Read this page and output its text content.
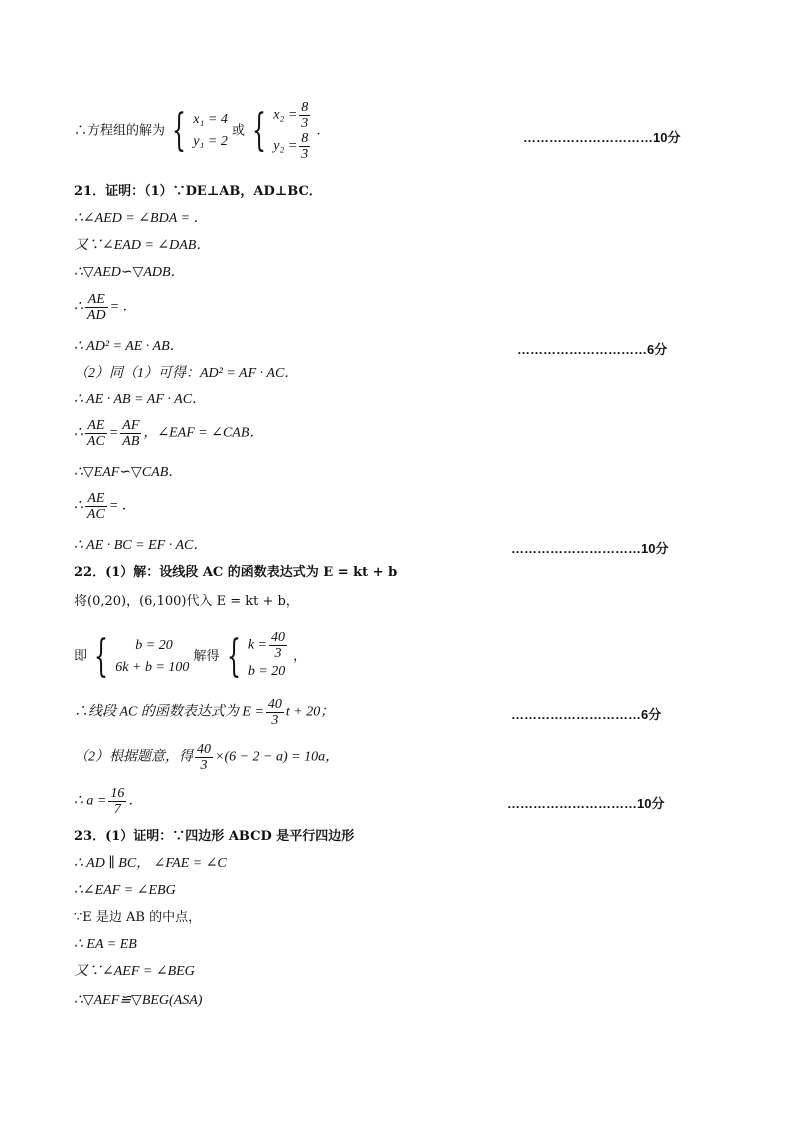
∴方程组的解为 { x₁ = 4
y₁ = 2
或 { $x_2 = \frac{8}{3}$
$y_2 = \frac{8}{3}$ .	…………………………10分
21．证明：（1）∵DE⊥AB，AD⊥BC．
∴∠AED = ∠BDA = ．
又∵∠EAD = ∠DAB．
∴▽AED∽▽ADB．
∴ $\frac{AE}{AD}$ = ．
∴ AD² = AE · AB．	…………………………6分
（2）同（1）可得：AD² = AF · AC．
∴ AE · AB = AF · AC．
∴ $\frac{AE}{AC} = \frac{AF}{AB}$ ，∠EAF = ∠CAB．
∴▽EAF∽▽CAB．
∴ $\frac{AE}{AC}$ = ．
∴ AE · BC = EF · AC．	…………………………10分
22．(1）解：设线段 AC 的函数表达式为 E = kt + b
将(0,20)，(6,100)代入 E = kt + b，
即 {	b = 20
6k + b = 100
解得 { $k = \frac{40}{3}$
b = 20
，
∴线段 AC 的函数表达式为 $E = \frac{40}{3}$ t + 20；	…………………………6分
（2）根据题意，得 $\frac{40}{3} \times(6 - 2 - a) = 10a$，
∴ $a = \frac{16}{7}$ ．	…………………………10分
23．(1）证明：∵四边形 ABCD 是平行四边形
∴ AD ∥ BC， ∠FAE = ∠C
∴∠EAF = ∠EBG
∵E 是边 AB 的中点，
∴ EA = EB
又∵∠AEF = ∠BEG
∴▽AEF≌▽BEG(ASA)
